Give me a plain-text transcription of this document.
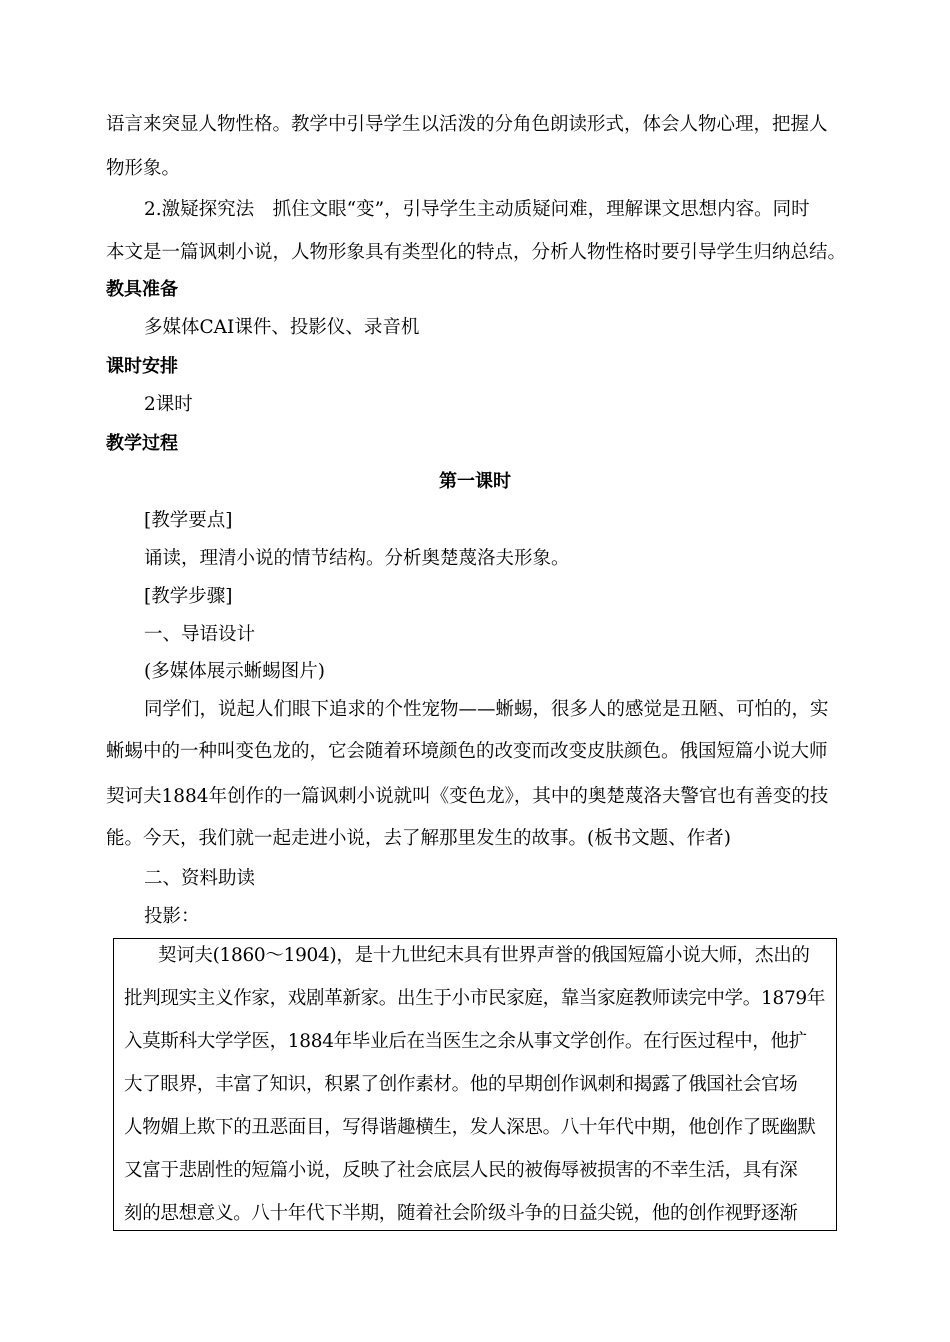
语言来突显人物性格。教学中引导学生以活泼的分角色朗读形式，体会人物心理，把握人
物形象。
2.激疑探究法　抓住文眼“变”，引导学生主动质疑问难，理解课文思想内容。同时
本文是一篇讽刺小说，人物形象具有类型化的特点，分析人物性格时要引导学生归纳总结。
教具准备
多媒体CAI课件、投影仪、录音机
课时安排
2课时
教学过程
第一课时
[教学要点]
诵读，理清小说的情节结构。分析奥楚蔑洛夫形象。
[教学步骤]
一、导语设计
(多媒体展示蜥蜴图片)
同学们，说起人们眼下追求的个性宠物——蜥蜴，很多人的感觉是丑陋、可怕的，实
蜥蜴中的一种叫变色龙的，它会随着环境颜色的改变而改变皮肤颜色。俄国短篇小说大师
契诃夫1884年创作的一篇讽刺小说就叫《变色龙》，其中的奥楚蔑洛夫警官也有善变的技
能。今天，我们就一起走进小说，去了解那里发生的故事。(板书文题、作者)
二、资料助读
投影：
契诃夫(1860～1904)，是十九世纪末具有世界声誉的俄国短篇小说大师，杰出的
批判现实主义作家，戏剧革新家。出生于小市民家庭，靠当家庭教师读完中学。1879年
入莫斯科大学学医，1884年毕业后在当医生之余从事文学创作。在行医过程中，他扩
大了眼界，丰富了知识，积累了创作素材。他的早期创作讽刺和揭露了俄国社会官场
人物媚上欺下的丑恶面目，写得谐趣横生，发人深思。八十年代中期，他创作了既幽默
又富于悲剧性的短篇小说，反映了社会底层人民的被侮辱被损害的不幸生活，具有深
刻的思想意义。八十年代下半期，随着社会阶级斗争的日益尖锐，他的创作视野逐渐
